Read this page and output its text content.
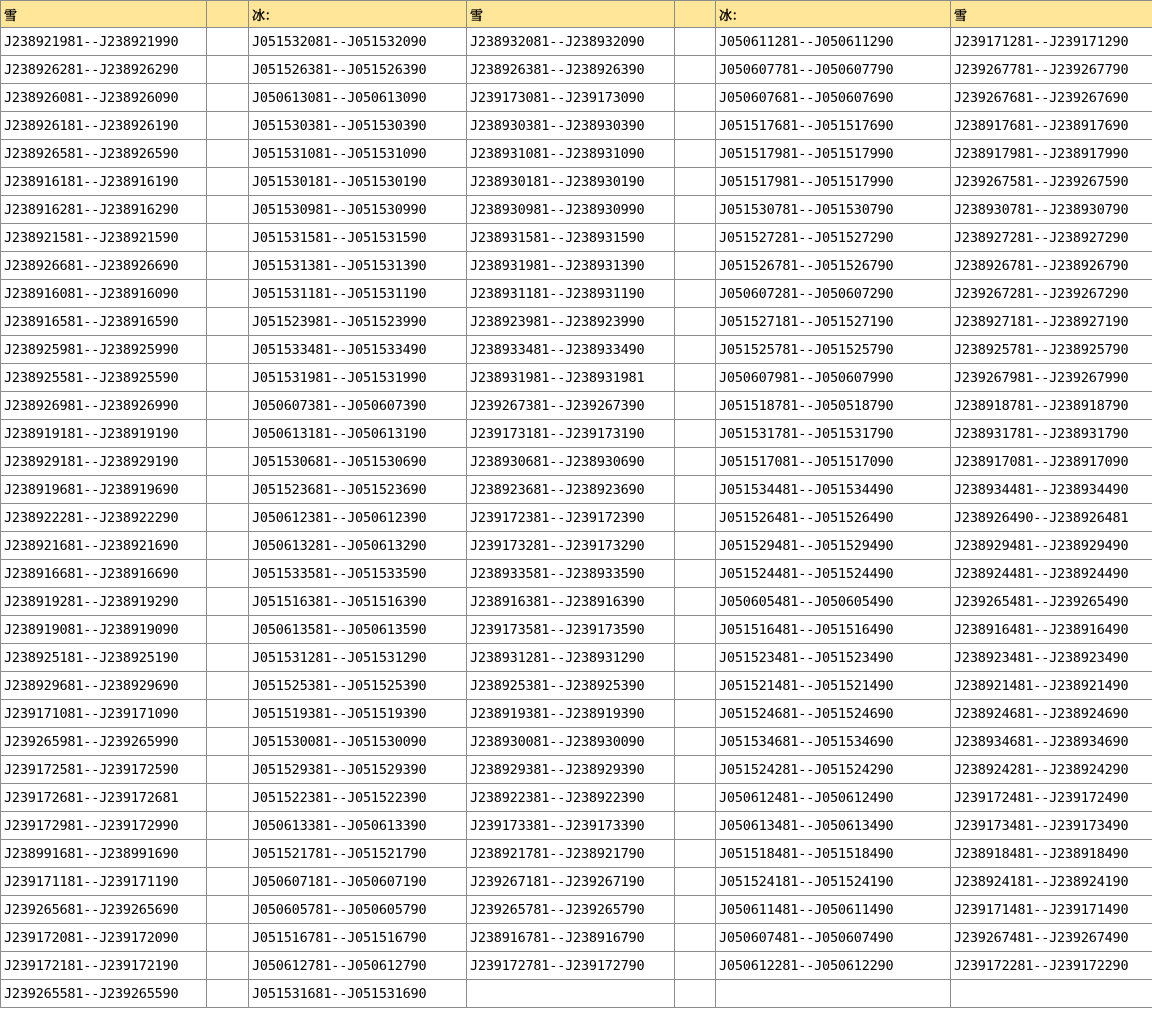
雪		冰：	雪		冰：	雪
J238921981--J238921990		J051532081--J051532090	J238932081--J238932090		J050611281--J050611290	J239171281--J239171290
J238926281--J238926290		J051526381--J051526390	J238926381--J238926390		J050607781--J050607790	J239267781--J239267790
J238926081--J238926090		J050613081--J050613090	J239173081--J239173090		J050607681--J050607690	J239267681--J239267690
J238926181--J238926190		J051530381--J051530390	J238930381--J238930390		J051517681--J051517690	J238917681--J238917690
J238926581--J238926590		J051531081--J051531090	J238931081--J238931090		J051517981--J051517990	J238917981--J238917990
J238916181--J238916190		J051530181--J051530190	J238930181--J238930190		J051517981--J051517990	J239267581--J239267590
J238916281--J238916290		J051530981--J051530990	J238930981--J238930990		J051530781--J051530790	J238930781--J238930790
J238921581--J238921590		J051531581--J051531590	J238931581--J238931590		J051527281--J051527290	J238927281--J238927290
J238926681--J238926690		J051531381--J051531390	J238931981--J238931390		J051526781--J051526790	J238926781--J238926790
J238916081--J238916090		J051531181--J051531190	J238931181--J238931190		J050607281--J050607290	J239267281--J239267290
J238916581--J238916590		J051523981--J051523990	J238923981--J238923990		J051527181--J051527190	J238927181--J238927190
J238925981--J238925990		J051533481--J051533490	J238933481--J238933490		J051525781--J051525790	J238925781--J238925790
J238925581--J238925590		J051531981--J051531990	J238931981--J238931981		J050607981--J050607990	J239267981--J239267990
J238926981--J238926990		J050607381--J050607390	J239267381--J239267390		J051518781--J050518790	J238918781--J238918790
J238919181--J238919190		J050613181--J050613190	J239173181--J239173190		J051531781--J051531790	J238931781--J238931790
J238929181--J238929190		J051530681--J051530690	J238930681--J238930690		J051517081--J051517090	J238917081--J238917090
J238919681--J238919690		J051523681--J051523690	J238923681--J238923690		J051534481--J051534490	J238934481--J238934490
J238922281--J238922290		J050612381--J050612390	J239172381--J239172390		J051526481--J051526490	J238926490--J238926481
J238921681--J238921690		J050613281--J050613290	J239173281--J239173290		J051529481--J051529490	J238929481--J238929490
J238916681--J238916690		J051533581--J051533590	J238933581--J238933590		J051524481--J051524490	J238924481--J238924490
J238919281--J238919290		J051516381--J051516390	J238916381--J238916390		J050605481--J050605490	J239265481--J239265490
J238919081--J238919090		J050613581--J050613590	J239173581--J239173590		J051516481--J051516490	J238916481--J238916490
J238925181--J238925190		J051531281--J051531290	J238931281--J238931290		J051523481--J051523490	J238923481--J238923490
J238929681--J238929690		J051525381--J051525390	J238925381--J238925390		J051521481--J051521490	J238921481--J238921490
J239171081--J239171090		J051519381--J051519390	J238919381--J238919390		J051524681--J051524690	J238924681--J238924690
J239265981--J239265990		J051530081--J051530090	J238930081--J238930090		J051534681--J051534690	J238934681--J238934690
J239172581--J239172590		J051529381--J051529390	J238929381--J238929390		J051524281--J051524290	J238924281--J238924290
J239172681--J239172681		J051522381--J051522390	J238922381--J238922390		J050612481--J050612490	J239172481--J239172490
J239172981--J239172990		J050613381--J050613390	J239173381--J239173390		J050613481--J050613490	J239173481--J239173490
J238991681--J238991690		J051521781--J051521790	J238921781--J238921790		J051518481--J051518490	J238918481--J238918490
J239171181--J239171190		J050607181--J050607190	J239267181--J239267190		J051524181--J051524190	J238924181--J238924190
J239265681--J239265690		J050605781--J050605790	J239265781--J239265790		J050611481--J050611490	J239171481--J239171490
J239172081--J239172090		J051516781--J051516790	J238916781--J238916790		J050607481--J050607490	J239267481--J239267490
J239172181--J239172190		J050612781--J050612790	J239172781--J239172790		J050612281--J050612290	J239172281--J239172290
J239265581--J239265590		J051531681--J051531690				
